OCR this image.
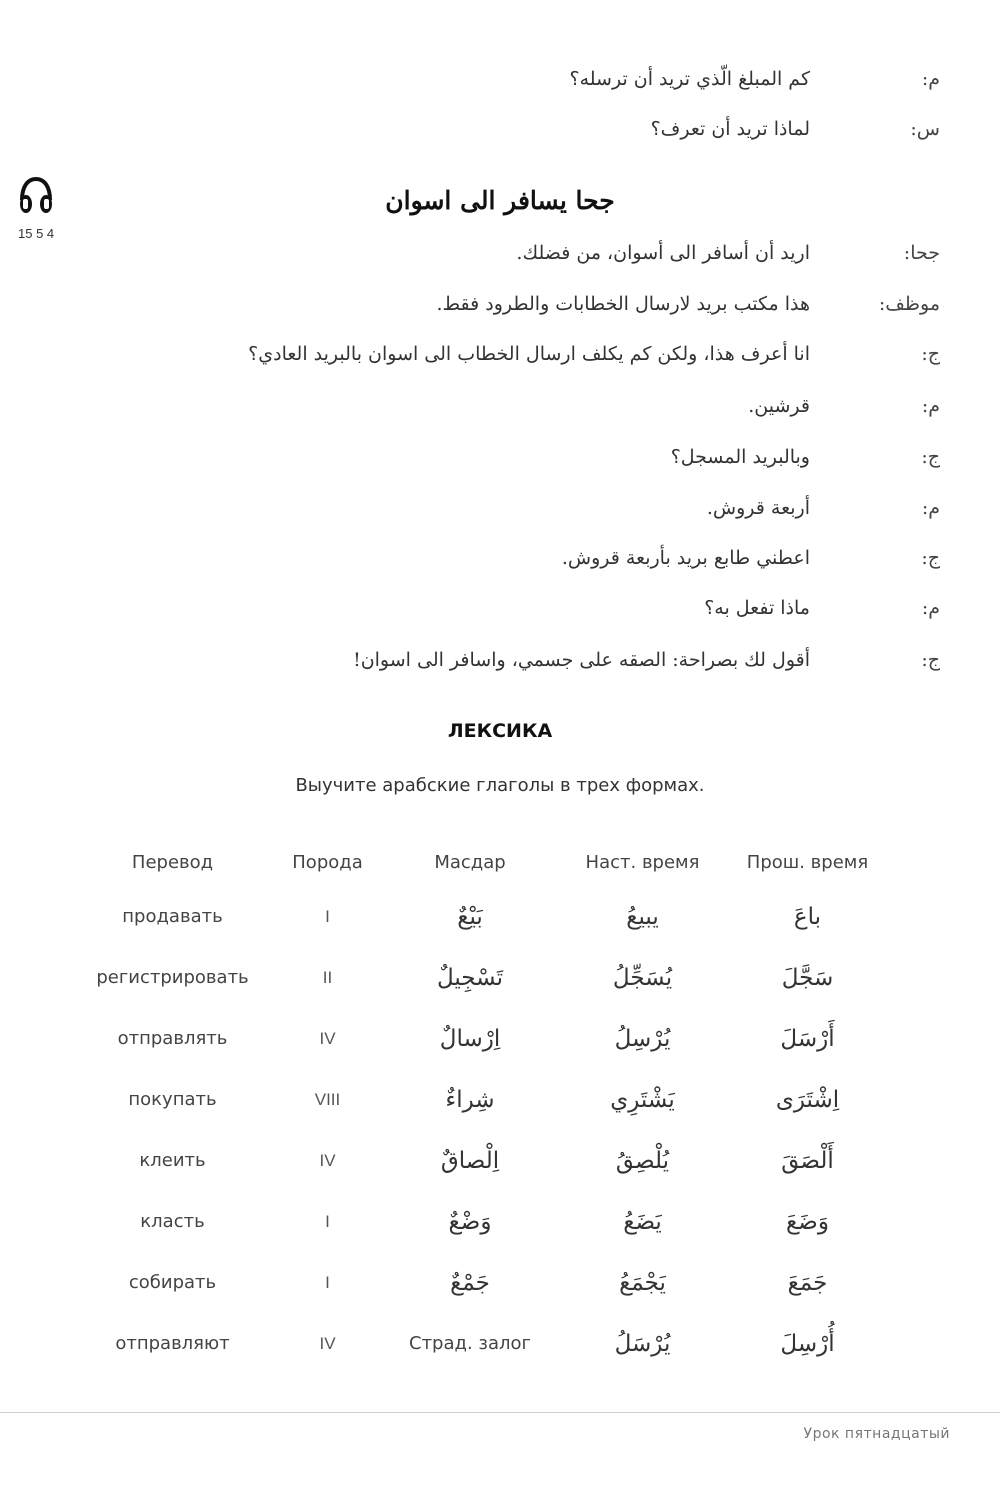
م:
كم المبلغ الّذي تريد أن ترسله؟
س:
لماذا تريد أن تعرف؟
15 5 4
جحا يسافر الى اسوان
جحا:
اريد أن أسافر الى أسوان، من فضلك.
موظف:
هذا مكتب بريد لارسال الخطابات والطرود فقط.
ج:
انا أعرف هذا، ولكن كم يكلف ارسال الخطاب الى اسوان بالبريد العادي؟
م:
قرشين.
ج:
وبالبريد المسجل؟
م:
أربعة قروش.
ج:
اعطني طابع بريد بأربعة قروش.
م:
ماذا تفعل به؟
ج:
أقول لك بصراحة: الصقه على جسمي، واسافر الى اسوان!
ЛЕКСИКА
Выучите арабские глаголы в трех формах.
Перевод	Порода	Масдар	Наст. время	Прош. время
продавать	I	بَيْعٌ	يبيعُ	باعَ
регистрировать	II	تَسْجِيلٌ	يُسَجِّلُ	سَجَّلَ
отправлять	IV	اِرْسالٌ	يُرْسِلُ	أَرْسَلَ
покупать	VIII	شِراءٌ	يَشْتَرِي	اِشْتَرَى
клеить	IV	اِلْصاقٌ	يُلْصِقُ	أَلْصَقَ
класть	I	وَضْعٌ	يَضَعُ	وَضَعَ
собирать	I	جَمْعٌ	يَجْمَعُ	جَمَعَ
отправляют	IV	Страд. залог	يُرْسَلُ	أُرْسِلَ
Урок пятнадцатый
